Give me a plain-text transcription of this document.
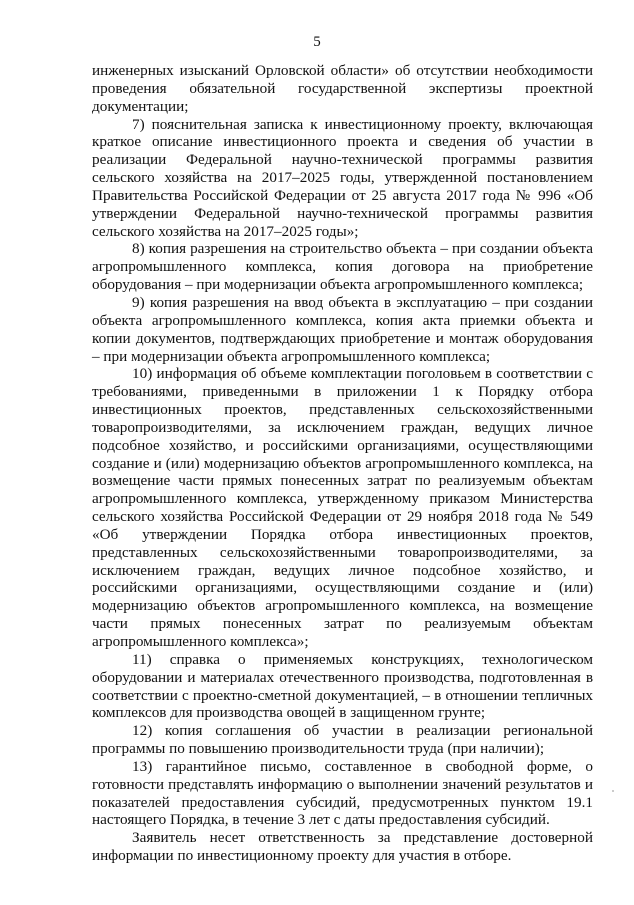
5

инженерных изысканий Орловской области» об отсутствии необходимости проведения обязательной государственной экспертизы проектной документации;

7) пояснительная записка к инвестиционному проекту, включающая краткое описание инвестиционного проекта и сведения об участии в реализации Федеральной научно-технической программы развития сельского хозяйства на 2017–2025 годы, утвержденной постановлением Правительства Российской Федерации от 25 августа 2017 года № 996 «Об утверждении Федеральной научно-технической программы развития сельского хозяйства на 2017–2025 годы»;

8) копия разрешения на строительство объекта – при создании объекта агропромышленного комплекса, копия договора на приобретение оборудования – при модернизации объекта агропромышленного комплекса;

9) копия разрешения на ввод объекта в эксплуатацию – при создании объекта агропромышленного комплекса, копия акта приемки объекта и копии документов, подтверждающих приобретение и монтаж оборудования – при модернизации объекта агропромышленного комплекса;

10) информация об объеме комплектации поголовьем в соответствии с требованиями, приведенными в приложении 1 к Порядку отбора инвестиционных проектов, представленных сельскохозяйственными товаропроизводителями, за исключением граждан, ведущих личное подсобное хозяйство, и российскими организациями, осуществляющими создание и (или) модернизацию объектов агропромышленного комплекса, на возмещение части прямых понесенных затрат по реализуемым объектам агропромышленного комплекса, утвержденному приказом Министерства сельского хозяйства Российской Федерации от 29 ноября 2018 года № 549 «Об утверждении Порядка отбора инвестиционных проектов, представленных сельскохозяйственными товаропроизводителями, за исключением граждан, ведущих личное подсобное хозяйство, и российскими организациями, осуществляющими создание и (или) модернизацию объектов агропромышленного комплекса, на возмещение части прямых понесенных затрат по реализуемым объектам агропромышленного комплекса»;

11) справка о применяемых конструкциях, технологическом оборудовании и материалах отечественного производства, подготовленная в соответствии с проектно-сметной документацией, – в отношении тепличных комплексов для производства овощей в защищенном грунте;

12) копия соглашения об участии в реализации региональной программы по повышению производительности труда (при наличии);

13) гарантийное письмо, составленное в свободной форме, о готовности представлять информацию о выполнении значений результатов и показателей предоставления субсидий, предусмотренных пунктом 19.1 настоящего Порядка, в течение 3 лет с даты предоставления субсидий.

Заявитель несет ответственность за представление достоверной информации по инвестиционному проекту для участия в отборе.
